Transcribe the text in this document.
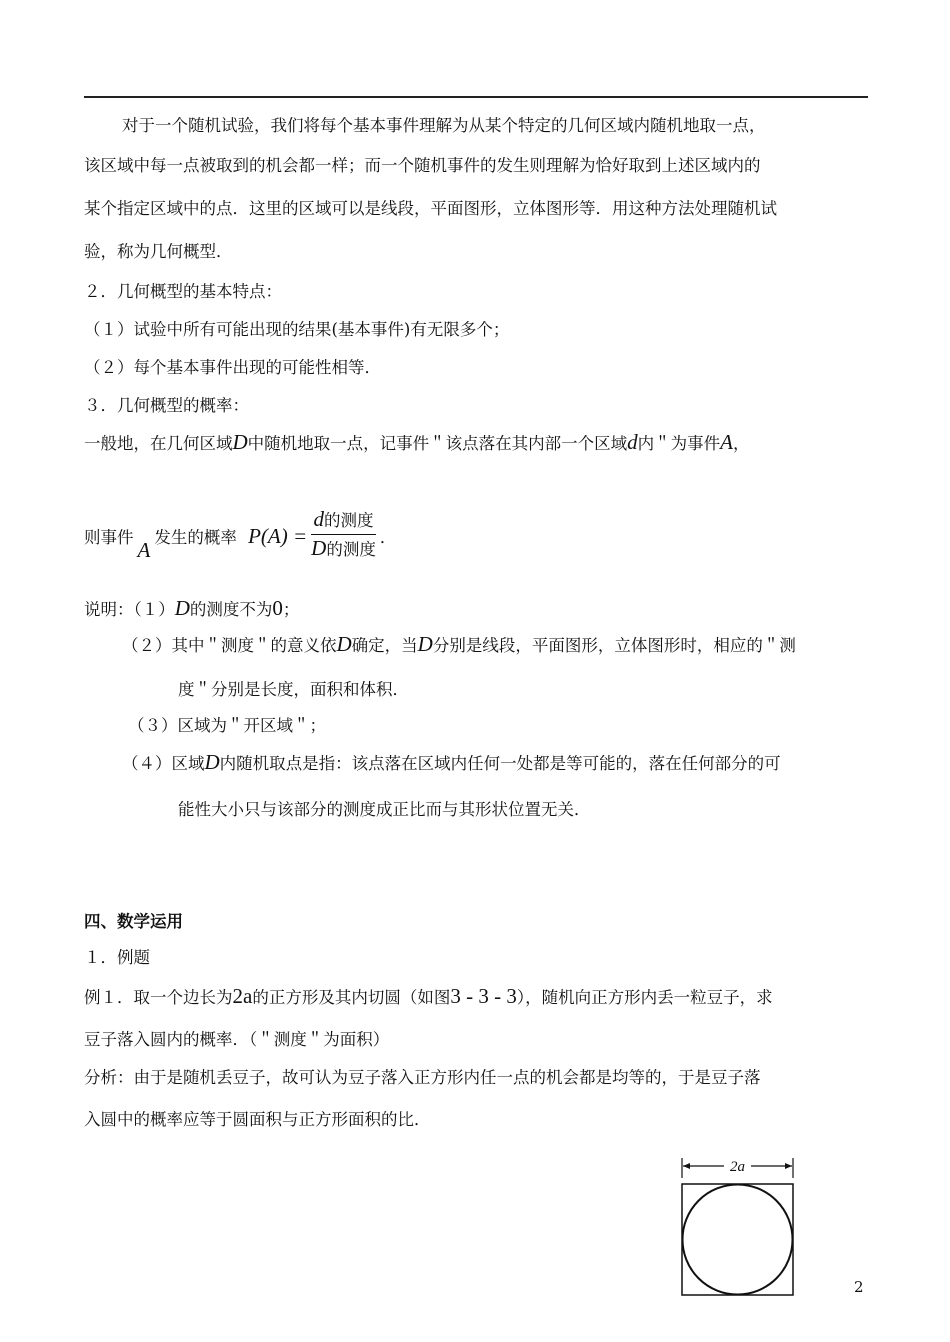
对于一个随机试验，我们将每个基本事件理解为从某个特定的几何区域内随机地取一点，
该区域中每一点被取到的机会都一样；而一个随机事件的发生则理解为恰好取到上述区域内的
某个指定区域中的点．这里的区域可以是线段，平面图形，立体图形等．用这种方法处理随机试
验，称为几何概型．
２．几何概型的基本特点：
（１）试验中所有可能出现的结果(基本事件)有无限多个；
（２）每个基本事件出现的可能性相等．
３．几何概型的概率：
一般地，在几何区域D中随机地取一点，记事件＂该点落在其内部一个区域d内＂为事件A，
则事件A发生的概率 $P(A) = \frac{\text{d的测度}}{\text{D的测度}}$ ．
说明：（１）D的测度不为0；
（２）其中＂测度＂的意义依D确定，当D分别是线段，平面图形，立体图形时，相应的＂测
度＂分别是长度，面积和体积．
（３）区域为＂开区域＂；
（４）区域D内随机取点是指：该点落在区域内任何一处都是等可能的，落在任何部分的可
能性大小只与该部分的测度成正比而与其形状位置无关．
四、数学运用
１．例题
例１．取一个边长为2a的正方形及其内切圆（如图3 - 3 - 3），随机向正方形内丢一粒豆子，求
豆子落入圆内的概率．（＂测度＂为面积）
分析：由于是随机丢豆子，故可认为豆子落入正方形内任一点的机会都是均等的，于是豆子落
入圆中的概率应等于圆面积与正方形面积的比．
2a
2
